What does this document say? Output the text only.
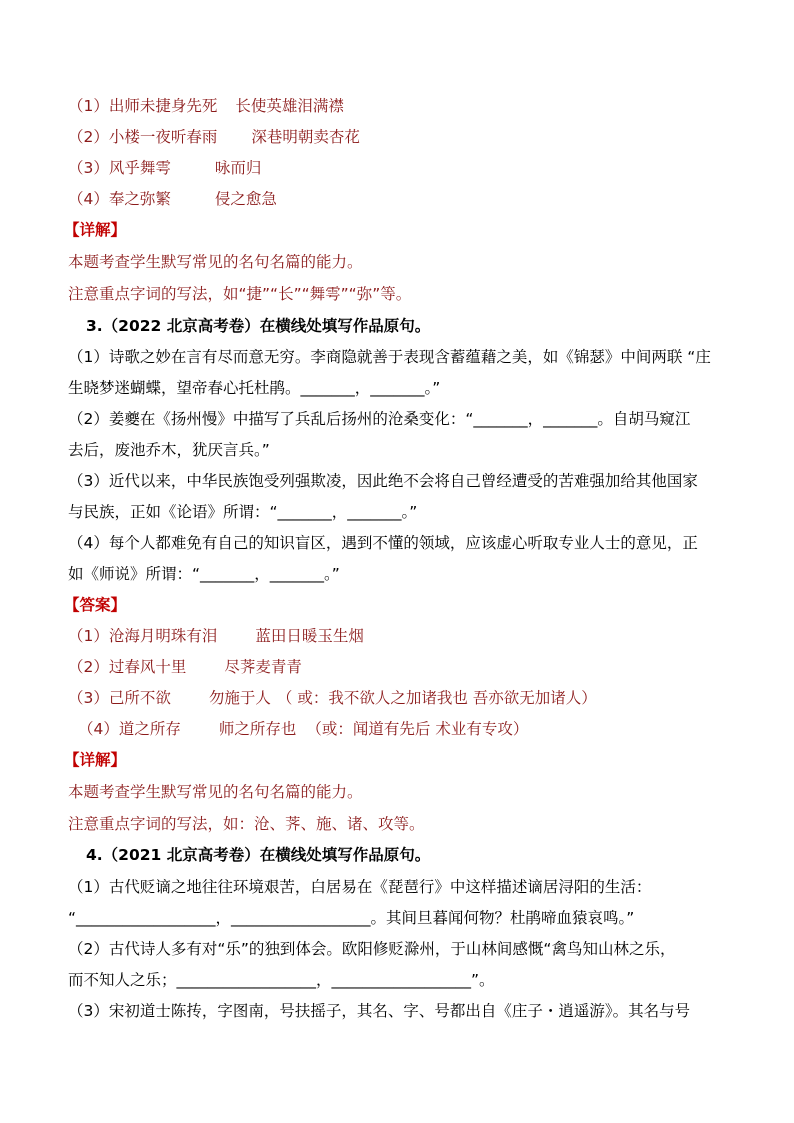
（1）出师未捷身先死 长使英雄泪满襟
（2）小楼一夜听春雨 深巷明朝卖杏花
（3）风乎舞雩	咏而归
（4）奉之弥繁	侵之愈急
【详解】
本题考查学生默写常见的名句名篇的能力。
注意重点字词的写法，如“捷”“长”“舞雩”“弥”等。
3.（2022 北京高考卷）在横线处填写作品原句。
（1）诗歌之妙在言有尽而意无穷。李商隐就善于表现含蓄蕴藉之美，如《锦瑟》中间两联 “庄
生晓梦迷蝴蝶，望帝春心托杜鹃。_______，_______。”
（2）姜夔在《扬州慢》中描写了兵乱后扬州的沧桑变化：“_______，_______。自胡马窥江
去后，废池乔木，犹厌言兵。”
（3）近代以来，中华民族饱受列强欺凌，因此绝不会将自己曾经遭受的苦难强加给其他国家
与民族，正如《论语》所谓：“_______，_______。”
（4）每个人都难免有自己的知识盲区，遇到不懂的领域，应该虚心听取专业人士的意见，正
如《师说》所谓：“_______，_______。”
【答案】
（1）沧海月明珠有泪 蓝田日暖玉生烟
（2）过春风十里 尽荠麦青青
（3）己所不欲 勿施于人 （ 或：我不欲人之加诸我也 吾亦欲无加诸人）
（4）道之所存 师之所存也 （或：闻道有先后 术业有专攻）
【详解】
本题考查学生默写常见的名句名篇的能力。
注意重点字词的写法，如：沧、荠、施、诸、攻等。
4.（2021 北京高考卷）在横线处填写作品原句。
（1）古代贬谪之地往往环境艰苦，白居易在《琵琶行》中这样描述谪居浔阳的生活：
“__________________，__________________。其间旦暮闻何物？杜鹃啼血猿哀鸣。”
（2）古代诗人多有对“乐”的独到体会。欧阳修贬滁州，于山林间感慨“禽鸟知山林之乐，
而不知人之乐；__________________，__________________”。
（3）宋初道士陈抟，字图南，号扶摇子，其名、字、号都出自《庄子・逍遥游》。其名与号
